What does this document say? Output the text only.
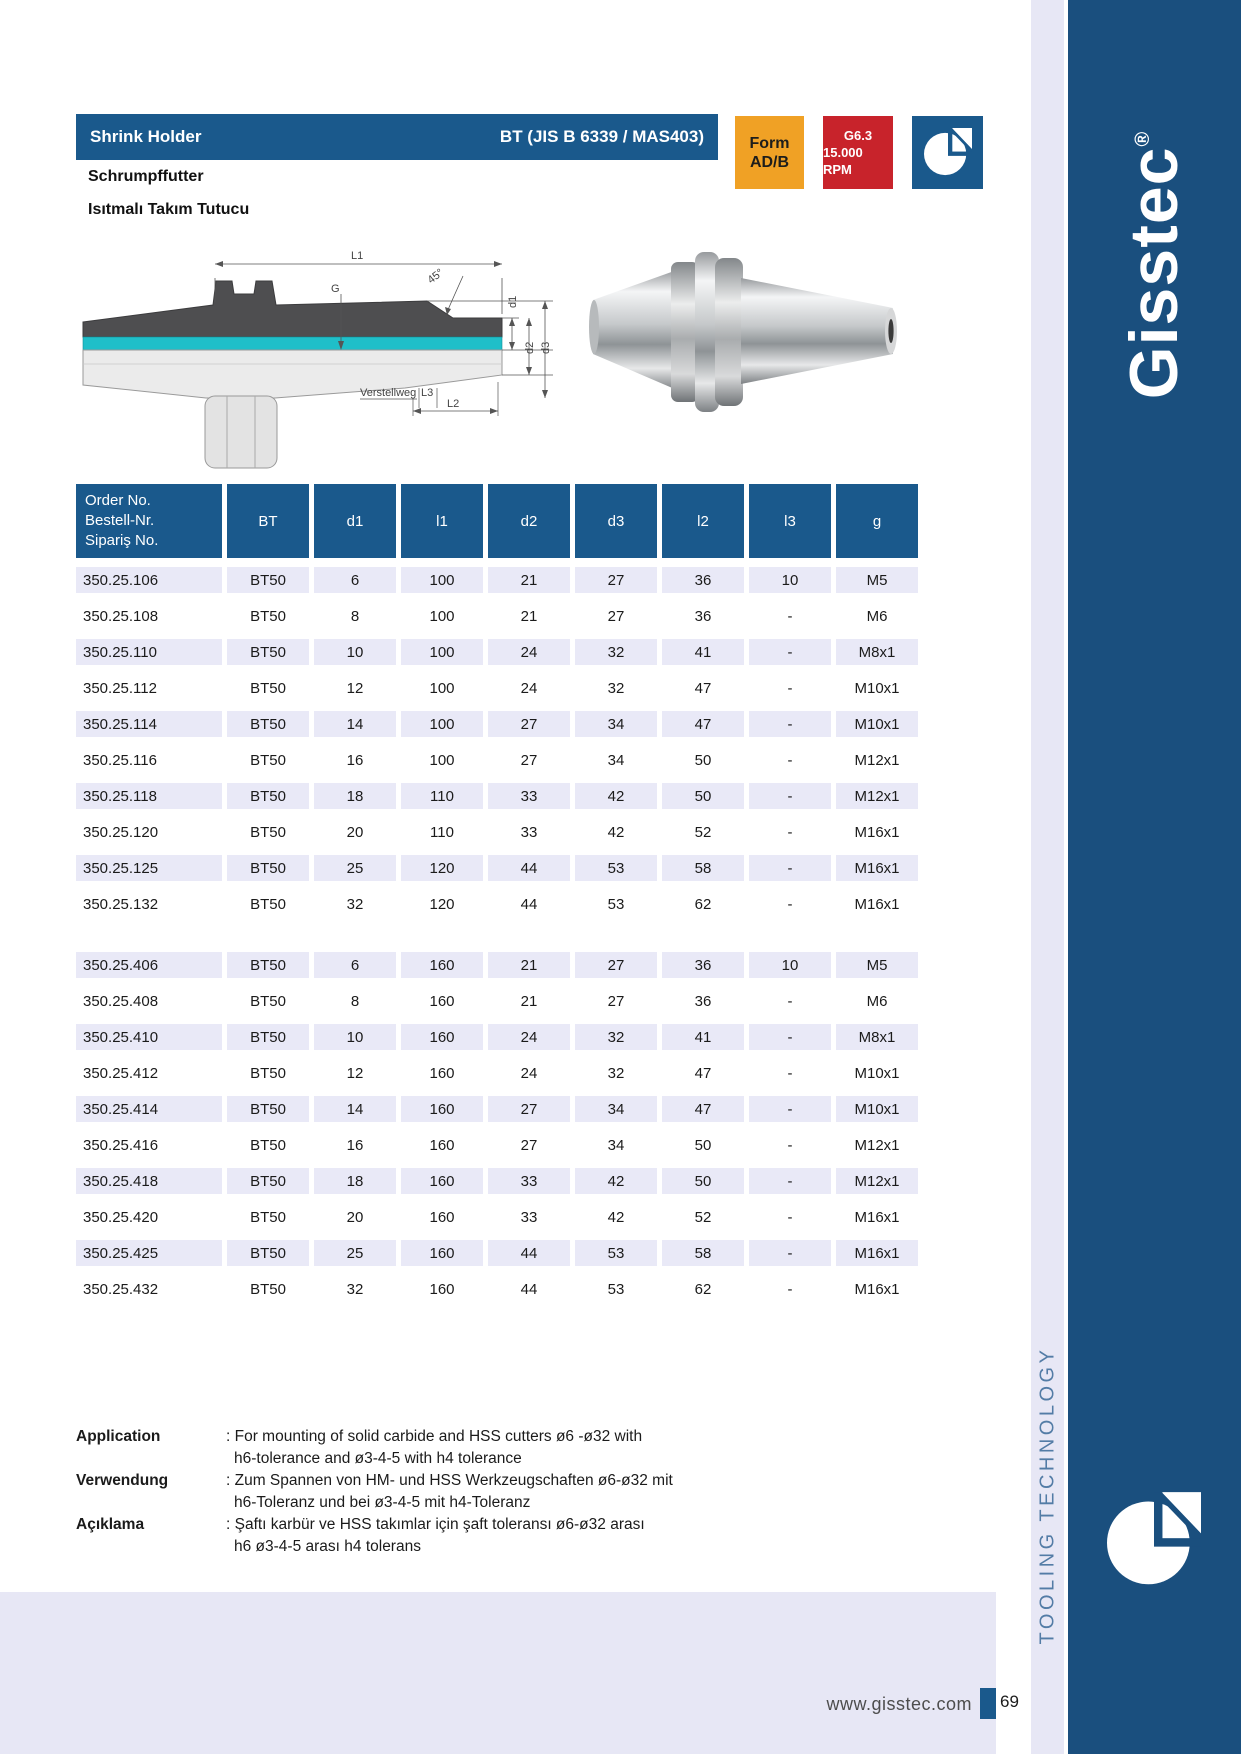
Shrink Holder	BT (JIS B 6339 / MAS403)
Schrumpffutter
Isıtmalı Takım Tutucu
Form
AD/B
G6.3
15.000 RPM
L1
G
45°
d1
d2 d3
Verstellweg L3
L2
Order No.
Bestell-Nr.
Sipariş No.
BT	d1	l1	d2	d3	l2	l3	g
350.25.106	BT50	6	100	21	27	36	10	M5
350.25.108	BT50	8	100	21	27	36	-	M6
350.25.110	BT50	10	100	24	32	41	-	M8x1
350.25.112	BT50	12	100	24	32	47	-	M10x1
350.25.114	BT50	14	100	27	34	47	-	M10x1
350.25.116	BT50	16	100	27	34	50	-	M12x1
350.25.118	BT50	18	110	33	42	50	-	M12x1
350.25.120	BT50	20	110	33	42	52	-	M16x1
350.25.125	BT50	25	120	44	53	58	-	M16x1
350.25.132	BT50	32	120	44	53	62	-	M16x1
350.25.406	BT50	6	160	21	27	36	10	M5
350.25.408	BT50	8	160	21	27	36	-	M6
350.25.410	BT50	10	160	24	32	41	-	M8x1
350.25.412	BT50	12	160	24	32	47	-	M10x1
350.25.414	BT50	14	160	27	34	47	-	M10x1
350.25.416	BT50	16	160	27	34	50	-	M12x1
350.25.418	BT50	18	160	33	42	50	-	M12x1
350.25.420	BT50	20	160	33	42	52	-	M16x1
350.25.425	BT50	25	160	44	53	58	-	M16x1
350.25.432	BT50	32	160	44	53	62	-	M16x1
Application	: For mounting of solid carbide and HSS cutters ø6 -ø32 with
h6-tolerance and ø3-4-5 with h4 tolerance
Verwendung	: Zum Spannen von HM- und HSS Werkzeugschaften ø6-ø32 mit
h6-Toleranz und bei ø3-4-5 mit h4-Toleranz
Açıklama	: Şaftı karbür ve HSS takımlar için şaft toleransı ø6-ø32 arası
h6 ø3-4-5 arası h4 tolerans
Gisstec®
TOOLING TECHNOLOGY
www.gisstec.com 69
